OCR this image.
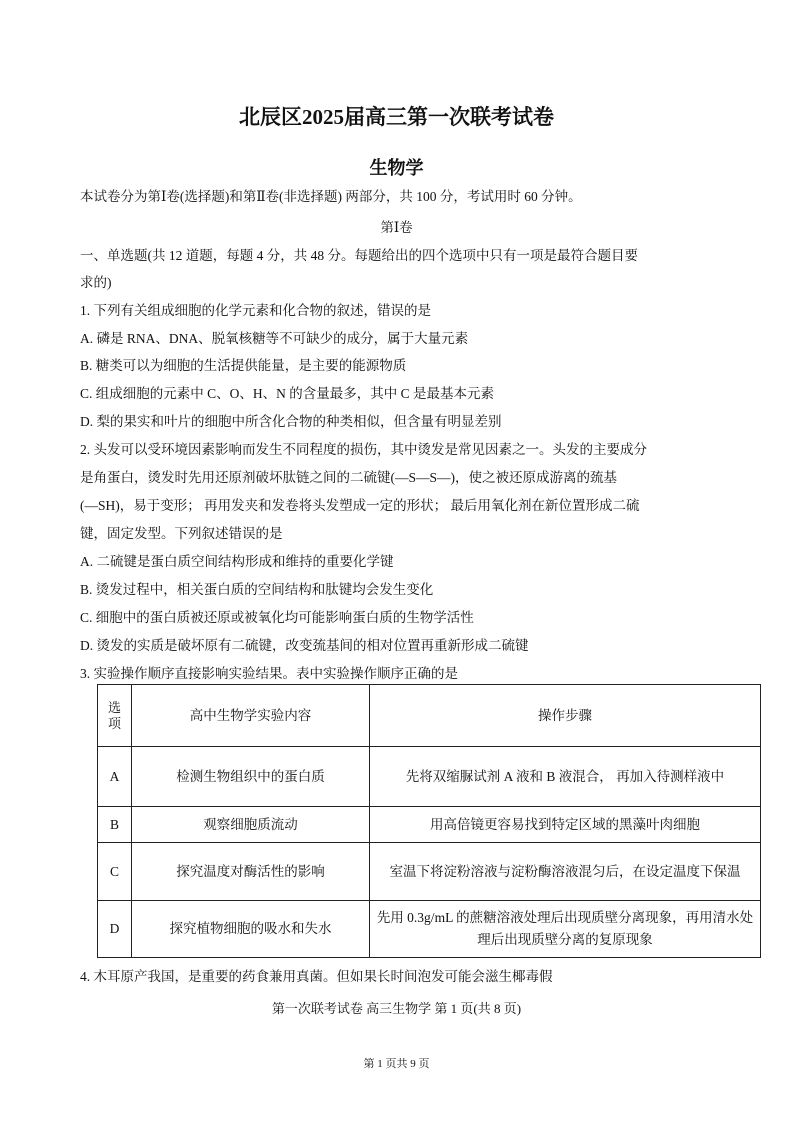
北辰区2025届高三第一次联考试卷
生物学
本试卷分为第Ⅰ卷(选择题)和第Ⅱ卷(非选择题) 两部分，共 100 分，考试用时 60 分钟。
第Ⅰ卷
一、单选题(共 12 道题，每题 4 分，共 48 分。每题给出的四个选项中只有一项是最符合题目要
求的)
1. 下列有关组成细胞的化学元素和化合物的叙述，错误的是
A. 磷是 RNA、DNA、脱氧核糖等不可缺少的成分，属于大量元素
B. 糖类可以为细胞的生活提供能量，是主要的能源物质
C. 组成细胞的元素中 C、O、H、N 的含量最多，其中 C 是最基本元素
D. 梨的果实和叶片的细胞中所含化合物的种类相似，但含量有明显差别
2. 头发可以受环境因素影响而发生不同程度的损伤，其中烫发是常见因素之一。头发的主要成分
是角蛋白，烫发时先用还原剂破坏肽链之间的二硫键(—S—S—)，使之被还原成游离的巯基
(—SH)，易于变形； 再用发夹和发卷将头发塑成一定的形状； 最后用氧化剂在新位置形成二硫
键，固定发型。下列叙述错误的是
A. 二硫键是蛋白质空间结构形成和维持的重要化学键
B. 烫发过程中，相关蛋白质的空间结构和肽键均会发生变化
C. 细胞中的蛋白质被还原或被氧化均可能影响蛋白质的生物学活性
D. 烫发的实质是破坏原有二硫键，改变巯基间的相对位置再重新形成二硫键
3. 实验操作顺序直接影响实验结果。表中实验操作顺序正确的是
选项	高中生物学实验内容	操作步骤
A	检测生物组织中的蛋白质	先将双缩脲试剂 A 液和 B 液混合， 再加入待测样液中
B	观察细胞质流动	用高倍镜更容易找到特定区域的黑藻叶肉细胞
C	探究温度对酶活性的影响	室温下将淀粉溶液与淀粉酶溶液混匀后，在设定温度下保温
D	探究植物细胞的吸水和失水	先用 0.3g/mL 的蔗糖溶液处理后出现质壁分离现象，再用清水处理后出现质壁分离的复原现象
4. 木耳原产我国，是重要的药食兼用真菌。但如果长时间泡发可能会滋生椰毒假
第一次联考试卷 高三生物学 第 1 页(共 8 页)
第 1 页共 9 页
